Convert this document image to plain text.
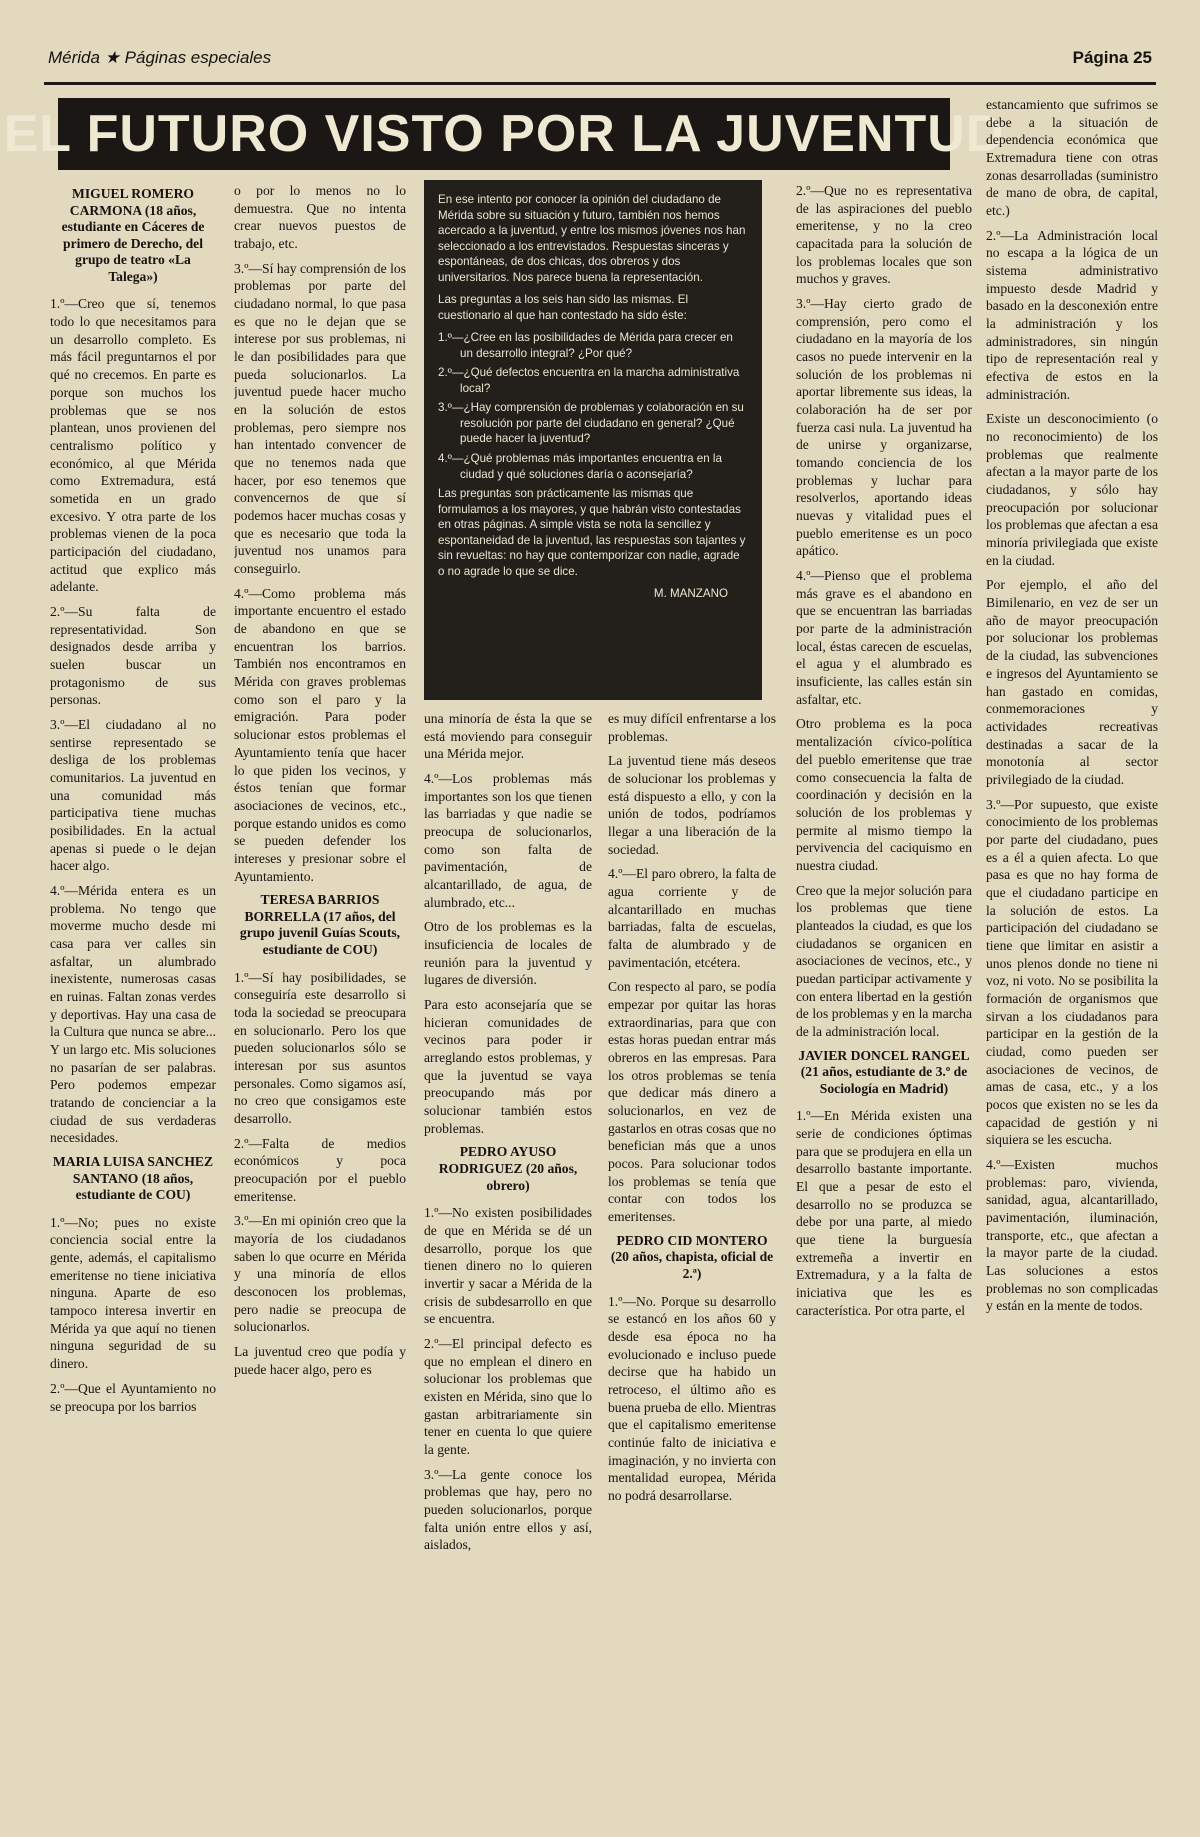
Mérida ★ Páginas especiales	Página 25
EL FUTURO VISTO POR LA JUVENTUD
MIGUEL ROMERO CARMONA (18 años, estudiante en Cáceres de primero de Derecho, del grupo de teatro «La Talega»)

1.º—Creo que sí, tenemos todo lo que necesitamos para un desarrollo completo. Es más fácil preguntarnos el por qué no crecemos. En parte es porque son muchos los problemas que se nos plantean, unos provienen del centralismo político y económico, al que Mérida como Extremadura, está sometida en un grado excesivo. Y otra parte de los problemas vienen de la poca participación del ciudadano, actitud que explico más adelante.

2.º—Su falta de representatividad. Son designados desde arriba y suelen buscar un protagonismo de sus personas.

3.º—El ciudadano al no sentirse representado se desliga de los problemas comunitarios. La juventud en una comunidad más participativa tiene muchas posibilidades. En la actual apenas si puede o le dejan hacer algo.

4.º—Mérida entera es un problema. No tengo que moverme mucho desde mi casa para ver calles sin asfaltar, un alumbrado inexistente, numerosas casas en ruinas. Faltan zonas verdes y deportivas. Hay una casa de la Cultura que nunca se abre... Y un largo etc. Mis soluciones no pasarían de ser palabras. Pero podemos empezar tratando de concienciar a la ciudad de sus verdaderas necesidades.

MARIA LUISA SANCHEZ SANTANO (18 años, estudiante de COU)

1.º—No; pues no existe conciencia social entre la gente, además, el capitalismo emeritense no tiene iniciativa ninguna. Aparte de eso tampoco interesa invertir en Mérida ya que aquí no tienen ninguna seguridad de su dinero.

2.º—Que el Ayuntamiento no se preocupa por los barrios

o por lo menos no lo demuestra. Que no intenta crear nuevos puestos de trabajo, etc.

3.º—Sí hay comprensión de los problemas por parte del ciudadano normal, lo que pasa es que no le dejan que se interese por sus problemas, ni le dan posibilidades para que pueda solucionarlos. La juventud puede hacer mucho en la solución de estos problemas, pero siempre nos han intentado convencer de que no tenemos nada que hacer, por eso tenemos que convencernos de que sí podemos hacer muchas cosas y que es necesario que toda la juventud nos unamos para conseguirlo.

4.º—Como problema más importante encuentro el estado de abandono en que se encuentran los barrios. También nos encontramos en Mérida con graves problemas como son el paro y la emigración. Para poder solucionar estos problemas el Ayuntamiento tenía que hacer lo que piden los vecinos, y éstos tenían que formar asociaciones de vecinos, etc., porque estando unidos es como se pueden defender los intereses y presionar sobre el Ayuntamiento.

TERESA BARRIOS BORRELLA (17 años, del grupo juvenil Guías Scouts, estudiante de COU)

1.º—Sí hay posibilidades, se conseguiría este desarrollo si toda la sociedad se preocupara en solucionarlo. Pero los que pueden solucionarlos sólo se interesan por sus asuntos personales. Como sigamos así, no creo que consigamos este desarrollo.

2.º—Falta de medios económicos y poca preocupación por el pueblo emeritense.

3.º—En mi opinión creo que la mayoría de los ciudadanos saben lo que ocurre en Mérida y una minoría de ellos desconocen los problemas, pero nadie se preocupa de solucionarlos.

La juventud creo que podía y puede hacer algo, pero es

En ese intento por conocer la opinión del ciudadano de Mérida sobre su situación y futuro, también nos hemos acercado a la juventud, y entre los mismos jóvenes nos han seleccionado a los entrevistados. Respuestas sinceras y espontáneas, de dos chicas, dos obreros y dos universitarios. Nos parece buena la representación.

Las preguntas a los seis han sido las mismas. El cuestionario al que han contestado ha sido éste:

1.º—¿Cree en las posibilidades de Mérida para crecer en un desarrollo integral? ¿Por qué?

2.º—¿Qué defectos encuentra en la marcha administrativa local?

3.º—¿Hay comprensión de problemas y colaboración en su resolución por parte del ciudadano en general? ¿Qué puede hacer la juventud?

4.º—¿Qué problemas más importantes encuentra en la ciudad y qué soluciones daría o aconsejaría?

Las preguntas son prácticamente las mismas que formulamos a los mayores, y que habrán visto contestadas en otras páginas. A simple vista se nota la sencillez y espontaneidad de la juventud, las respuestas son tajantes y sin revueltas: no hay que contemporizar con nadie, agrade o no agrade lo que se dice.

M. MANZANO

una minoría de ésta la que se está moviendo para conseguir una Mérida mejor.

4.º—Los problemas más importantes son los que tienen las barriadas y que nadie se preocupa de solucionarlos, como son falta de pavimentación, de alcantarillado, de agua, de alumbrado, etc...

Otro de los problemas es la insuficiencia de locales de reunión para la juventud y lugares de diversión.

Para esto aconsejaría que se hicieran comunidades de vecinos para poder ir arreglando estos problemas, y que la juventud se vaya preocupando más por solucionar también estos problemas.

PEDRO AYUSO RODRIGUEZ (20 años, obrero)

1.º—No existen posibilidades de que en Mérida se dé un desarrollo, porque los que tienen dinero no lo quieren invertir y sacar a Mérida de la crisis de subdesarrollo en que se encuentra.

2.º—El principal defecto es que no emplean el dinero en solucionar los problemas que existen en Mérida, sino que lo gastan arbitrariamente sin tener en cuenta lo que quiere la gente.

3.º—La gente conoce los problemas que hay, pero no pueden solucionarlos, porque falta unión entre ellos y así, aislados,

es muy difícil enfrentarse a los problemas.

La juventud tiene más deseos de solucionar los problemas y está dispuesto a ello, y con la unión de todos, podríamos llegar a una liberación de la sociedad.

4.º—El paro obrero, la falta de agua corriente y de alcantarillado en muchas barriadas, falta de escuelas, falta de alumbrado y de pavimentación, etcétera.

Con respecto al paro, se podía empezar por quitar las horas extraordinarias, para que con estas horas puedan entrar más obreros en las empresas. Para los otros problemas se tenía que dedicar más dinero a solucionarlos, en vez de gastarlos en otras cosas que no benefician más que a unos pocos. Para solucionar todos los problemas se tenía que contar con todos los emeritenses.

PEDRO CID MONTERO (20 años, chapista, oficial de 2.ª)

1.º—No. Porque su desarrollo se estancó en los años 60 y desde esa época no ha evolucionado e incluso puede decirse que ha habido un retroceso, el último año es buena prueba de ello. Mientras que el capitalismo emeritense continúe falto de iniciativa e imaginación, y no invierta con mentalidad europea, Mérida no podrá desarrollarse.

2.º—Que no es representativa de las aspiraciones del pueblo emeritense, y no la creo capacitada para la solución de los problemas locales que son muchos y graves.

3.º—Hay cierto grado de comprensión, pero como el ciudadano en la mayoría de los casos no puede intervenir en la solución de los problemas ni aportar libremente sus ideas, la colaboración ha de ser por fuerza casi nula. La juventud ha de unirse y organizarse, tomando conciencia de los problemas y luchar para resolverlos, aportando ideas nuevas y vitalidad pues el pueblo emeritense es un poco apático.

4.º—Pienso que el problema más grave es el abandono en que se encuentran las barriadas por parte de la administración local, éstas carecen de escuelas, el agua y el alumbrado es insuficiente, las calles están sin asfaltar, etc.

Otro problema es la poca mentalización cívico-política del pueblo emeritense que trae como consecuencia la falta de coordinación y decisión en la solución de los problemas y permite al mismo tiempo la pervivencia del caciquismo en nuestra ciudad.

Creo que la mejor solución para los problemas que tiene planteados la ciudad, es que los ciudadanos se organicen en asociaciones de vecinos, etc., y puedan participar activamente y con entera libertad en la gestión de los problemas y en la marcha de la administración local.

JAVIER DONCEL RANGEL (21 años, estudiante de 3.º de Sociología en Madrid)

1.º—En Mérida existen una serie de condiciones óptimas para que se produjera en ella un desarrollo bastante importante. El que a pesar de esto el desarrollo no se produzca se debe por una parte, al miedo que tiene la burguesía extremeña a invertir en Extremadura, y a la falta de iniciativa que les es característica. Por otra parte, el

estancamiento que sufrimos se debe a la situación de dependencia económica que Extremadura tiene con otras zonas desarrolladas (suministro de mano de obra, de capital, etc.)

2.º—La Administración local no escapa a la lógica de un sistema administrativo impuesto desde Madrid y basado en la desconexión entre la administración y los administradores, sin ningún tipo de representación real y efectiva de estos en la administración.

Existe un desconocimiento (o no reconocimiento) de los problemas que realmente afectan a la mayor parte de los ciudadanos, y sólo hay preocupación por solucionar los problemas que afectan a esa minoría privilegiada que existe en la ciudad.

Por ejemplo, el año del Bimilenario, en vez de ser un año de mayor preocupación por solucionar los problemas de la ciudad, las subvenciones e ingresos del Ayuntamiento se han gastado en comidas, conmemoraciones y actividades recreativas destinadas a sacar de la monotonía al sector privilegiado de la ciudad.

3.º—Por supuesto, que existe conocimiento de los problemas por parte del ciudadano, pues es a él a quien afecta. Lo que pasa es que no hay forma de que el ciudadano participe en la solución de estos. La participación del ciudadano se tiene que limitar en asistir a unos plenos donde no tiene ni voz, ni voto. No se posibilita la formación de organismos que sirvan a los ciudadanos para participar en la gestión de la ciudad, como pueden ser asociaciones de vecinos, de amas de casa, etc., y a los pocos que existen no se les da capacidad de gestión y ni siquiera se les escucha.

4.º—Existen muchos problemas: paro, vivienda, sanidad, agua, alcantarillado, pavimentación, iluminación, transporte, etc., que afectan a la mayor parte de la ciudad. Las soluciones a estos problemas no son complicadas y están en la mente de todos.
